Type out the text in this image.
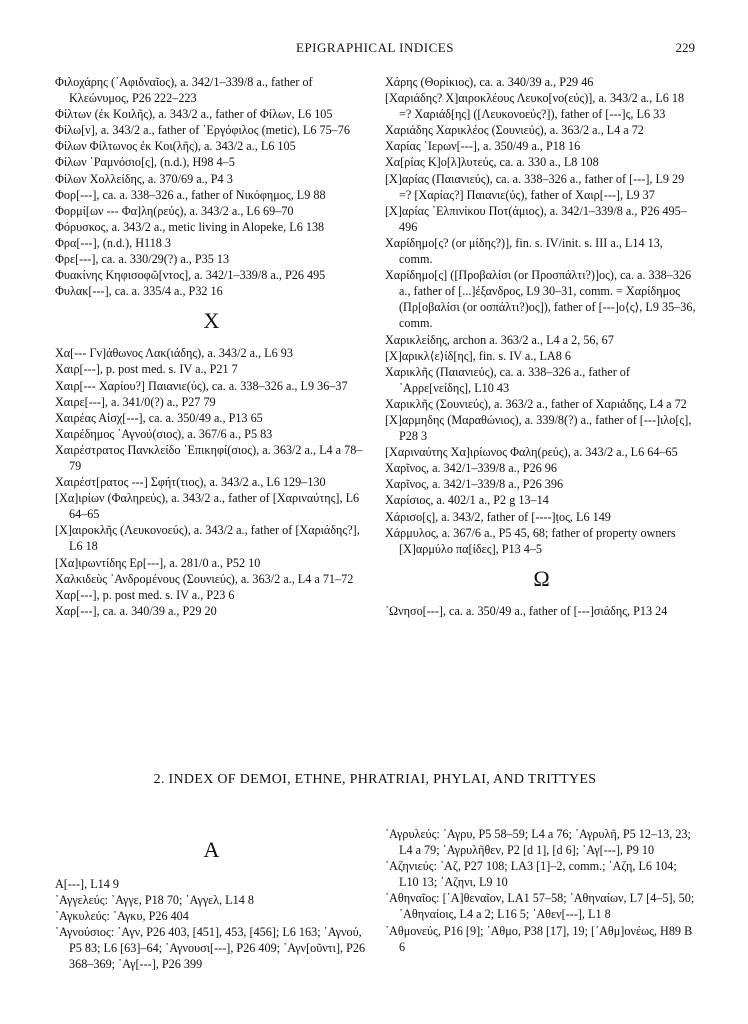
EPIGRAPHICAL INDICES	229

Φιλοχάρης (᾿Αφιδναῖος), a. 342/1–339/8 a., father of Κλεώνυμος, P26 222–223

Φίλτων (ἐκ Κοιλῆς), a. 343/2 a., father of Φίλων, L6 105

Φίλω[ν], a. 343/2 a., father of ᾿Εργόφιλος (metic), L6 75–76

Φίλων Φίλτωνος ἐκ Κοι(λῆς), a. 343/2 a., L6 105

Φίλων ῾Ραμνόσιο[ς], (n.d.), H98 4–5

Φίλων Χολλείδης, a. 370/69 a., P4 3

Φορ[---], ca. a. 338–326 a., father of Νικόφημος, L9 88

Φορμί[ων --- Φα]λη(ρεύς), a. 343/2 a., L6 69–70

Φόρυσκος, a. 343/2 a., metic living in Alopeke, L6 138

Φρα[---], (n.d.), H118 3

Φρε[---], ca. a. 330/29(?) a., P35 13

Φυακίνης Κηφισοφῶ[ντος], a. 342/1–339/8 a., P26 495

Φυλακ[---], ca. a. 335/4 a., P32 16

Χ

Χα[--- Γν]άθωνος Λακ(ιάδης), a. 343/2 a., L6 93

Χαιρ[---], p. post med. s. IV a., P21 7

Χαιρ[--- Χαρίου?] Παιανιε(ύς), ca. a. 338–326 a., L9 36–37

Χαιρε[---], a. 341/0(?) a., P27 79

Χαιρέας Αἰσχ[---], ca. a. 350/49 a., P13 65

Χαιρέδημος ᾿Αγνού(σιος), a. 367/6 a., P5 83

Χαιρέστρατος Πανκλείδο ᾿Επικηφί(σιος), a. 363/2 a., L4 a 78–79

Χαιρέστ[ρατος ---] Σφήτ(τιος), a. 343/2 a., L6 129–130

[Χα]ιρίων (Φαληρεύς), a. 343/2 a., father of [Χαριναύτης], L6 64–65

[Χ]αιροκλῆς (Λευκονοεύς), a. 343/2 a., father of [Χαριάδης?], L6 18

[Χα]ιρωντίδης Ερ[---], a. 281/0 a., P52 10

Χαλκιδεὺς ᾿Ανδρομένους (Σουνιεύς), a. 363/2 a., L4 a 71–72

Χαρ[---], p. post med. s. IV a., P23 6

Χαρ[---], ca. a. 340/39 a., P29 20

Χάρης (Θορίκιος), ca. a. 340/39 a., P29 46

[Χαριάδης? Χ]αιροκλέους Λευκο[νο(εύς)], a. 343/2 a., L6 18 =? Χαριάδ[ης] ([Λευκονοεύς?]), father of [---]ς, L6 33

Χαριάδης Χαρικλέος (Σουνιεύς), a. 363/2 a., L4 a 72

Χαρίας ῾Ιερων[---], a. 350/49 a., P18 16

Χα[ρίας Κ]ο[λ]λυτεύς, ca. a. 330 a., L8 108

[Χ]αρίας (Παιανιεύς), ca. a. 338–326 a., father of [---], L9 29 =? [Χαρίας?] Παιανιε(ύς), father of Χαιρ[---], L9 37

[Χ]αρίας ᾿Ελπινίκου Ποτ(άμιος), a. 342/1–339/8 a., P26 495–496

Χαρίδημο[ς? (or μίδης?)], fin. s. IV/init. s. III a., L14 13, comm.

Χαρίδημο[ς] ([Προβαλίσι (or Προσπάλτι?)]ος), ca. a. 338–326 a., father of [...]έξανδρος, L9 30–31, comm. = Χαρίδημος (Πρ[οβαλίσι (or οσπάλτι?)ος]), father of [---]ο⟨ς⟩, L9 35–36, comm.

Χαρικλείδης, archon a. 363/2 a., L4 a 2, 56, 67

[Χ]αρικλ⟨ε⟩ίδ[ης], fin. s. IV a., LA8 6

Χαρικλῆς (Παιανιεύς), ca. a. 338–326 a., father of ᾿Αρρε[νείδης], L10 43

Χαρικλῆς (Σουνιεύς), a. 363/2 a., father of Χαριάδης, L4 a 72

[Χ]αρμηδης (Μαραθώνιος), a. 339/8(?) a., father of [---]ιλο[ς], P28 3

[Χαριναύτης Χα]ιρίωνος Φαλη(ρεύς), a. 343/2 a., L6 64–65

Χαρῖνος, a. 342/1–339/8 a., P26 96

Χαρῖνος, a. 342/1–339/8 a., P26 396

Χαρίσιος, a. 402/1 a., P2 g 13–14

Χάρισο[ς], a. 343/2, father of [----]ṭος, L6 149

Χάρμυλος, a. 367/6 a., P5 45, 68; father of property owners [Χ]αρμύλο πα[ίδες], P13 4–5

Ω

᾿Ωνησο[---], ca. a. 350/49 a., father of [---]σιάδης, P13 24

2. INDEX OF DEMOI, ETHNE, PHRATRIAI, PHYLAI, AND TRITTYES
A

Α[---], L14 9

᾿Αγγελεύς: ᾿Αγγε, P18 70; ᾿Αγγελ, L14 8

᾿Αγκυλεύς: ᾿Αγκυ, P26 404

῾Αγνούσιος: ῾Αγν, P26 403, [451], 453, [456]; L6 163; ῾Αγνού, P5 83; L6 [63]–64; ῾Αγνουσι[---], P26 409; ῾Αγν[οῦντι], P26 368–369; ῾Αγ[---], P26 399

᾿Αγρυλεύς: ᾿Αγρυ, P5 58–59; L4 a 76; ᾿Αγρυλῆ, P5 12–13, 23; L4 a 79; ᾿Αγρυλῆθεν, P2 [d 1], [d 6]; ᾿Αγ[---], P9 10

᾿Αζηνιεύς: ᾿Αζ, P27 108; LA3 [1]–2, comm.; ᾿Αζη, L6 104; L10 13; ᾿Αζηνι, L9 10

᾿Αθηναῖος: [᾿Α]θεναῖον, LA1 57–58; ᾿Αθηναίων, L7 [4–5], 50; ᾿Αθηναίοις, L4 a 2; L16 5; ᾿Αθεν[---], L1 8

᾿Αθμονεύς, P16 [9]; ᾿Αθμο, P38 [17], 19; [᾿Αθμ]ονέως, H89 B 6
